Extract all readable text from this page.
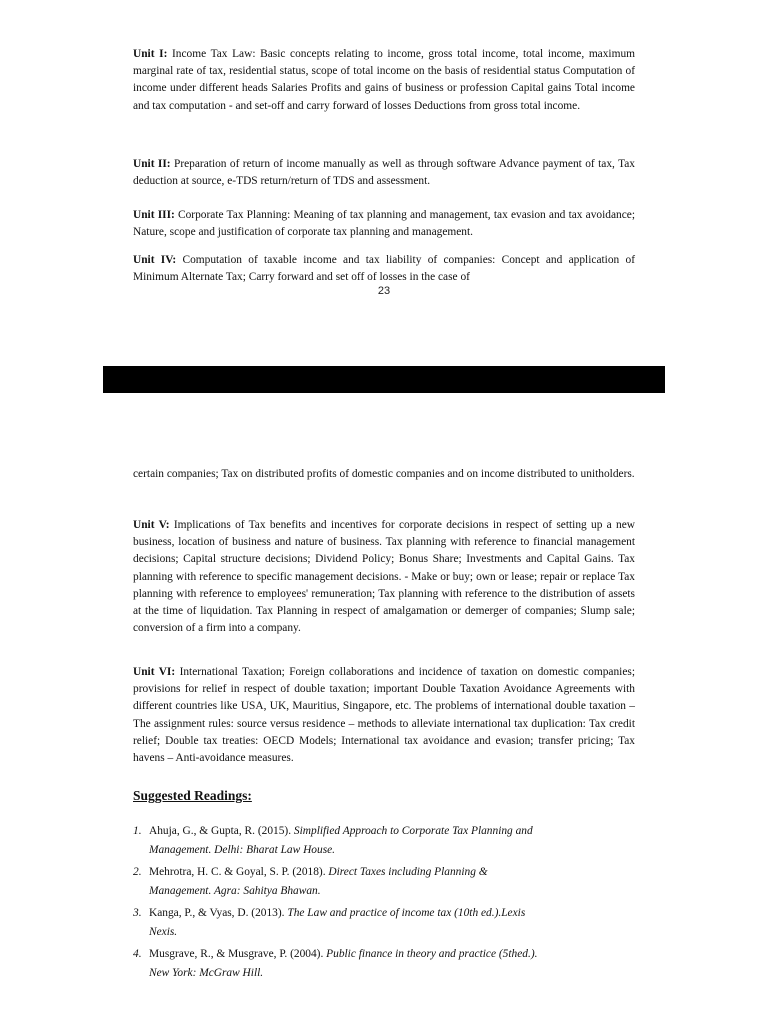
Unit I: Income Tax Law: Basic concepts relating to income, gross total income, total income, maximum marginal rate of tax, residential status, scope of total income on the basis of residential status Computation of income under different heads Salaries Profits and gains of business or profession Capital gains Total income and tax computation - and set-off and carry forward of losses Deductions from gross total income.

Unit II: Preparation of return of income manually as well as through software Advance payment of tax, Tax deduction at source, e-TDS return/return of TDS and assessment.

Unit III: Corporate Tax Planning: Meaning of tax planning and management, tax evasion and tax avoidance; Nature, scope and justification of corporate tax planning and management.

Unit IV: Computation of taxable income and tax liability of companies: Concept and application of Minimum Alternate Tax; Carry forward and set off of losses in the case of

23

certain companies; Tax on distributed profits of domestic companies and on income distributed to unitholders.

Unit V: Implications of Tax benefits and incentives for corporate decisions in respect of setting up a new business, location of business and nature of business. Tax planning with reference to financial management decisions; Capital structure decisions; Dividend Policy; Bonus Share; Investments and Capital Gains. Tax planning with reference to specific management decisions. - Make or buy; own or lease; repair or replace Tax planning with reference to employees' remuneration; Tax planning with reference to the distribution of assets at the time of liquidation. Tax Planning in respect of amalgamation or demerger of companies; Slump sale; conversion of a firm into a company.

Unit VI: International Taxation; Foreign collaborations and incidence of taxation on domestic companies; provisions for relief in respect of double taxation; important Double Taxation Avoidance Agreements with different countries like USA, UK, Mauritius, Singapore, etc. The problems of international double taxation – The assignment rules: source versus residence – methods to alleviate international tax duplication: Tax credit relief; Double tax treaties: OECD Models; International tax avoidance and evasion; transfer pricing; Tax havens – Anti-avoidance measures.

Suggested Readings:
1. Ahuja, G., & Gupta, R. (2015). Simplified Approach to Corporate Tax Planning and
Management. Delhi: Bharat Law House.
2. Mehrotra, H. C. & Goyal, S. P. (2018). Direct Taxes including Planning &
Management. Agra: Sahitya Bhawan.
3. Kanga, P., & Vyas, D. (2013). The Law and practice of income tax (10th ed.).Lexis
Nexis.
4. Musgrave, R., & Musgrave, P. (2004). Public finance in theory and practice (5thed.).
New York: McGraw Hill.
